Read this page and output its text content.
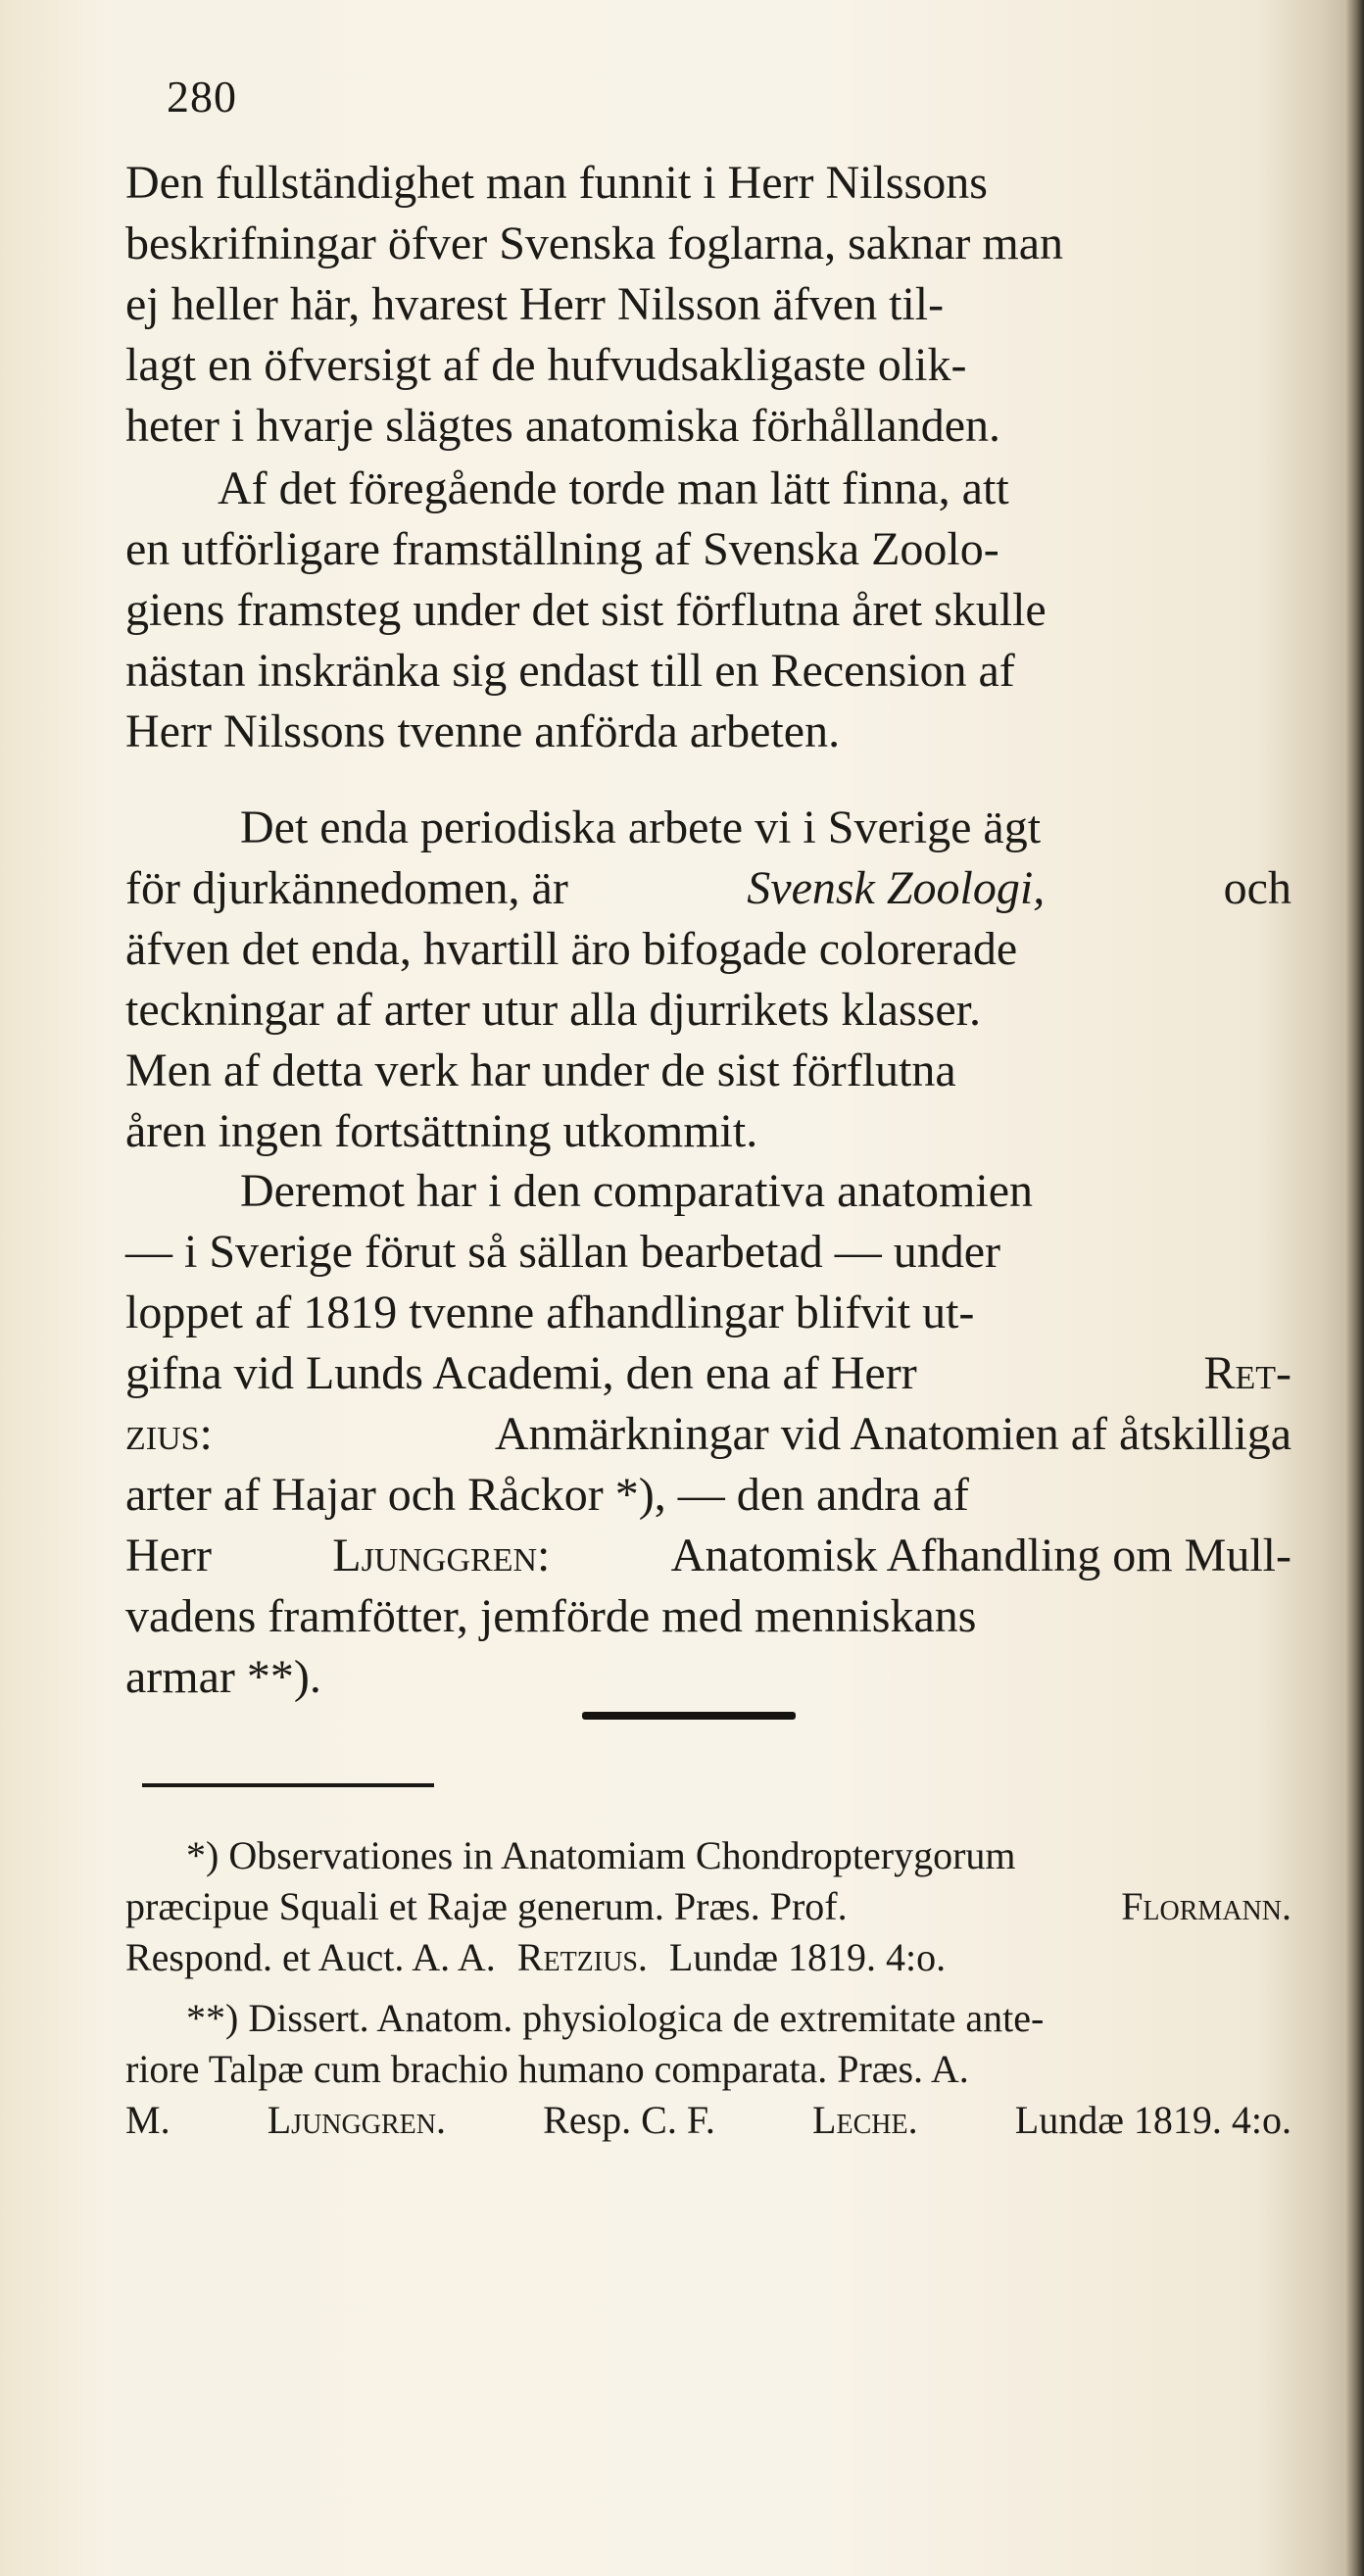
280
Den fullständighet man funnit i Herr Nilssons
beskrifningar öfver Svenska foglarna, saknar man
ej heller här, hvarest Herr Nilsson äfven til-
lagt en öfversigt af de hufvudsakligaste olik-
heter i hvarje slägtes anatomiska förhållanden.
Af det föregående torde man lätt finna, att
en utförligare framställning af Svenska Zoolo-
giens framsteg under det sist förflutna året skulle
nästan inskränka sig endast till en Recension af
Herr Nilssons tvenne anförda arbeten.
Det enda periodiska arbete vi i Sverige ägt
för djurkännedomen, är	Svensk Zoologi,	och
äfven det enda, hvartill äro bifogade colorerade
teckningar af arter utur alla djurrikets klasser.
Men af detta verk har under de sist förflutna
åren ingen fortsättning utkommit.
Deremot har i den comparativa anatomien
— i Sverige förut så sällan bearbetad — under
loppet af 1819 tvenne afhandlingar blifvit ut-
gifna vid Lunds Academi, den ena af Herr	Ret-
zius:	Anmärkningar vid Anatomien af åtskilliga
arter af Hajar och Råckor *), — den andra af
Herr	Ljunggren:	Anatomisk Afhandling om Mull-
vadens framfötter, jemförde med menniskans
armar **).
*) Observationes in Anatomiam Chondropterygorum
præcipue Squali et Rajæ generum. Præs. Prof.	Flormann.
Respond. et Auct. A. A. Retzius. Lundæ 1819. 4:o.
**) Dissert. Anatom. physiologica de extremitate ante-
riore Talpæ cum brachio humano comparata. Præs. A.
M. Ljunggren. Resp. C. F. Leche. Lundæ 1819. 4:o.
